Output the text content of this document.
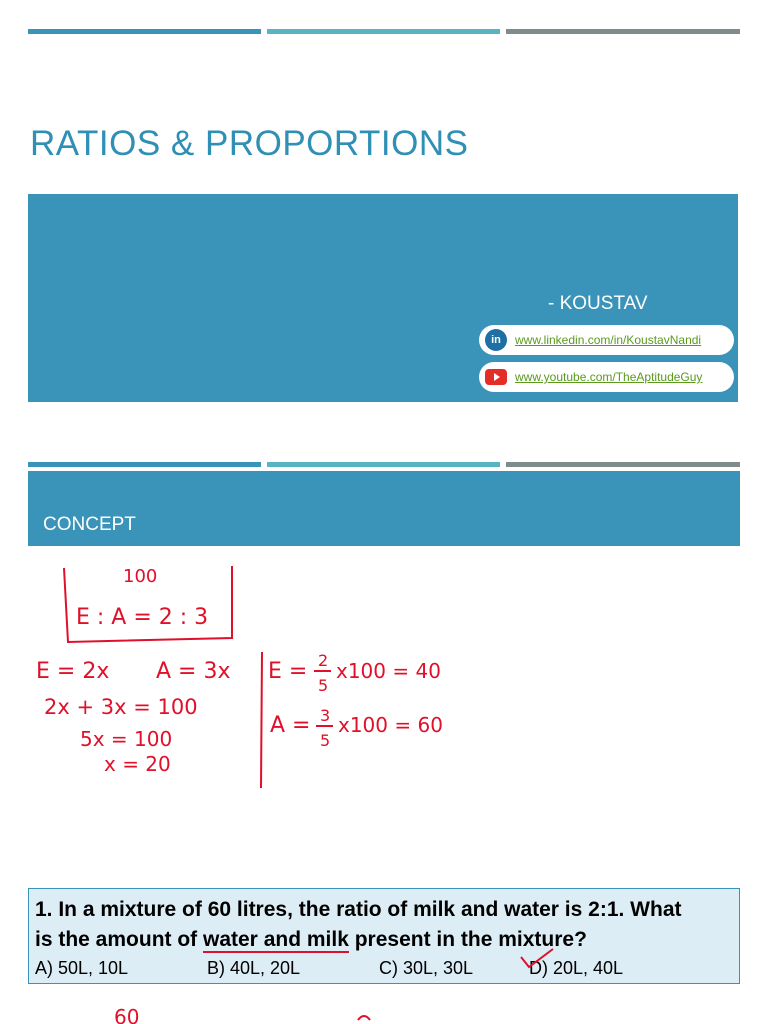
RATIOS & PROPORTIONS
- KOUSTAV
in	www.linkedin.com/in/KoustavNandi
www.youtube.com/TheAptitudeGuy
CONCEPT
100
E : A = 2 : 3
E = 2x A = 3x
2x + 3x = 100
5x = 100
x = 20
E = 2
5
x100 = 40
A = 3
5
x100 = 60
60
1. In a mixture of 60 litres, the ratio of milk and water is 2:1. What
is the amount of water and milk present in the mixture?
A) 50L, 10L	B) 40L, 20L	C) 30L, 30L	D) 20L, 40L
